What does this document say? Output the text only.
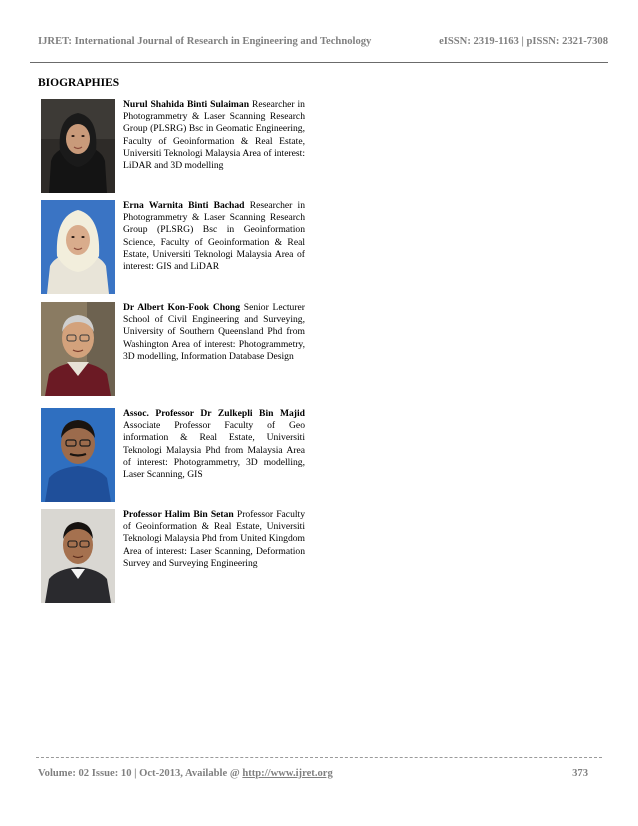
IJRET: International Journal of Research in Engineering and Technology	eISSN: 2319-1163 | pISSN: 2321-7308
BIOGRAPHIES
Nurul Shahida Binti Sulaiman Researcher in Photogrammetry & Laser Scanning Research Group (PLSRG) Bsc in Geomatic Engineering, Faculty of Geoinformation & Real Estate, Universiti Teknologi Malaysia Area of interest: LiDAR and 3D modelling
Erna Warnita Binti Bachad Researcher in Photogrammetry & Laser Scanning Research Group (PLSRG) Bsc in Geoinformation Science, Faculty of Geoinformation & Real Estate, Universiti Teknologi Malaysia Area of interest: GIS and LiDAR
Dr Albert Kon-Fook Chong Senior Lecturer School of Civil Engineering and Surveying, University of Southern Queensland Phd from Washington Area of interest: Photogrammetry, 3D modelling, Information Database Design
Assoc. Professor Dr Zulkepli Bin Majid Associate Professor Faculty of Geo information & Real Estate, Universiti Teknologi Malaysia Phd from Malaysia Area of interest: Photogrammetry, 3D modelling, Laser Scanning, GIS
Professor Halim Bin Setan Professor Faculty of Geoinformation & Real Estate, Universiti Teknologi Malaysia Phd from United Kingdom Area of interest: Laser Scanning, Deformation Survey and Surveying Engineering
Volume: 02 Issue: 10 | Oct-2013, Available @ http://www.ijret.org	373
